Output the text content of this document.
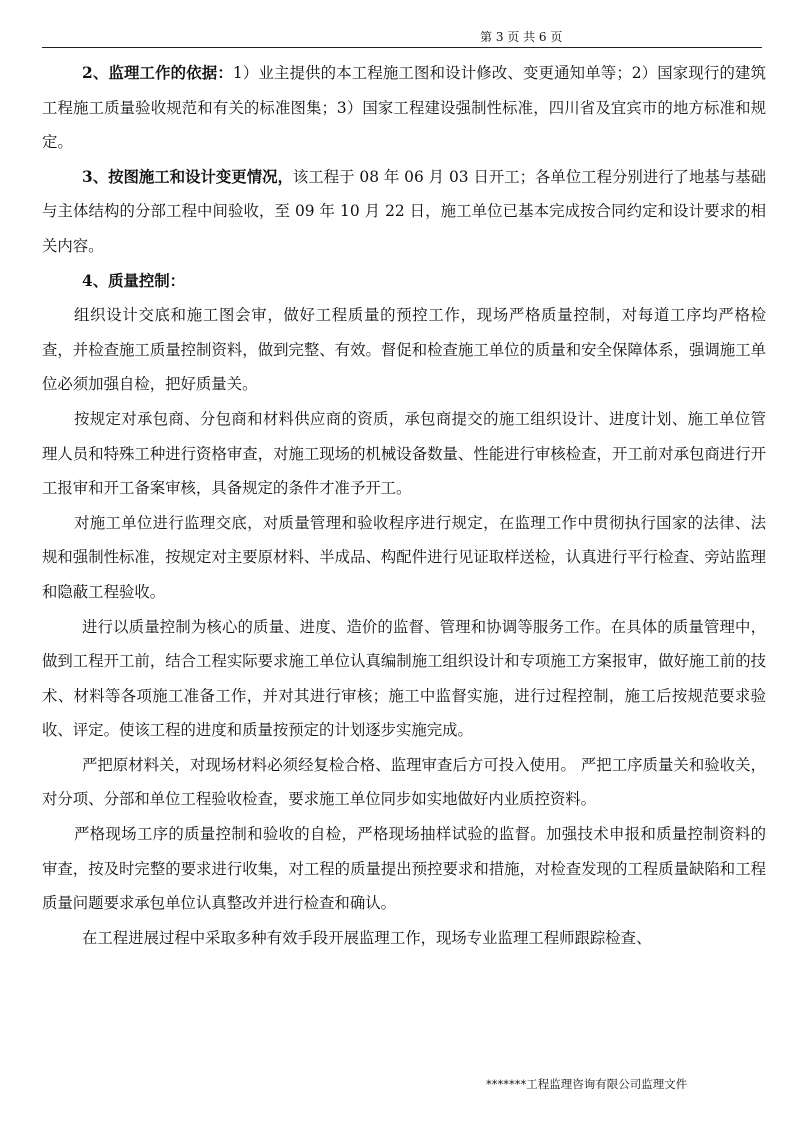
第 3 页 共 6 页

2、监理工作的依据：1）业主提供的本工程施工图和设计修改、变更通知单等；2）国家现行的建筑工程施工质量验收规范和有关的标准图集；3）国家工程建设强制性标准，四川省及宜宾市的地方标准和规定。

3、按图施工和设计变更情况，该工程于 08 年 06 月 03 日开工；各单位工程分别进行了地基与基础与主体结构的分部工程中间验收，至 09 年 10 月 22 日，施工单位已基本完成按合同约定和设计要求的相关内容。

4、质量控制：

组织设计交底和施工图会审，做好工程质量的预控工作，现场严格质量控制，对每道工序均严格检查，并检查施工质量控制资料，做到完整、有效。督促和检查施工单位的质量和安全保障体系，强调施工单位必须加强自检，把好质量关。

按规定对承包商、分包商和材料供应商的资质，承包商提交的施工组织设计、进度计划、施工单位管理人员和特殊工种进行资格审查，对施工现场的机械设备数量、性能进行审核检查，开工前对承包商进行开工报审和开工备案审核，具备规定的条件才准予开工。

对施工单位进行监理交底，对质量管理和验收程序进行规定，在监理工作中贯彻执行国家的法律、法规和强制性标准，按规定对主要原材料、半成品、构配件进行见证取样送检，认真进行平行检查、旁站监理和隐蔽工程验收。

进行以质量控制为核心的质量、进度、造价的监督、管理和协调等服务工作。在具体的质量管理中，做到工程开工前，结合工程实际要求施工单位认真编制施工组织设计和专项施工方案报审，做好施工前的技术、材料等各项施工准备工作，并对其进行审核；施工中监督实施，进行过程控制，施工后按规范要求验收、评定。使该工程的进度和质量按预定的计划逐步实施完成。

严把原材料关，对现场材料必须经复检合格、监理审查后方可投入使用。 严把工序质量关和验收关，对分项、分部和单位工程验收检查，要求施工单位同步如实地做好内业质控资料。

严格现场工序的质量控制和验收的自检，严格现场抽样试验的监督。加强技术申报和质量控制资料的审查，按及时完整的要求进行收集，对工程的质量提出预控要求和措施，对检查发现的工程质量缺陷和工程质量问题要求承包单位认真整改并进行检查和确认。

在工程进展过程中采取多种有效手段开展监理工作，现场专业监理工程师跟踪检查、

*******工程监理咨询有限公司监理文件
